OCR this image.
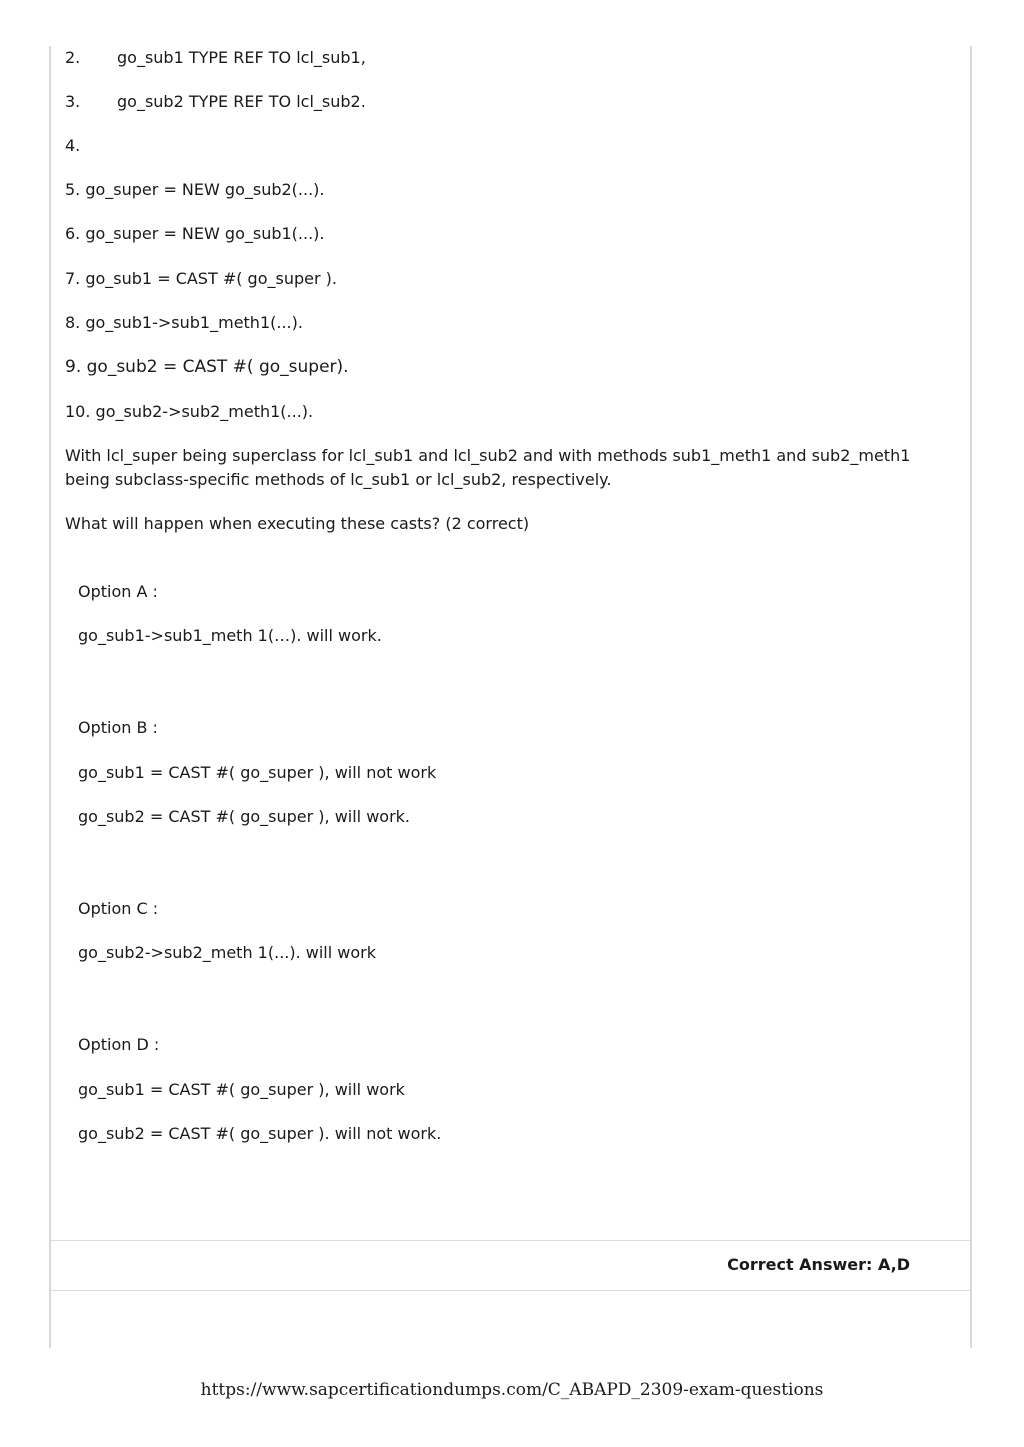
2. go_sub1 TYPE REF TO lcl_sub1,
3. go_sub2 TYPE REF TO lcl_sub2.
4.
5. go_super = NEW go_sub2(...).
6. go_super = NEW go_sub1(...).
7. go_sub1 = CAST #( go_super ).
8. go_sub1->sub1_meth1(...).
9. go_sub2 = CAST #( go_super).
10. go_sub2->sub2_meth1(...).
With lcl_super being superclass for lcl_sub1 and lcl_sub2 and with methods sub1_meth1 and sub2_meth1 being subclass-specific methods of lc_sub1 or lcl_sub2, respectively.
What will happen when executing these casts? (2 correct)
Option A :
go_sub1->sub1_meth 1(…). will work.
Option B :
go_sub1 = CAST #( go_super ), will not work
go_sub2 = CAST #( go_super ), will work.
Option C :
go_sub2->sub2_meth 1(...). will work
Option D :
go_sub1 = CAST #( go_super ), will work
go_sub2 = CAST #( go_super ). will not work.
Correct Answer: A,D
https://www.sapcertificationdumps.com/C_ABAPD_2309-exam-questions
